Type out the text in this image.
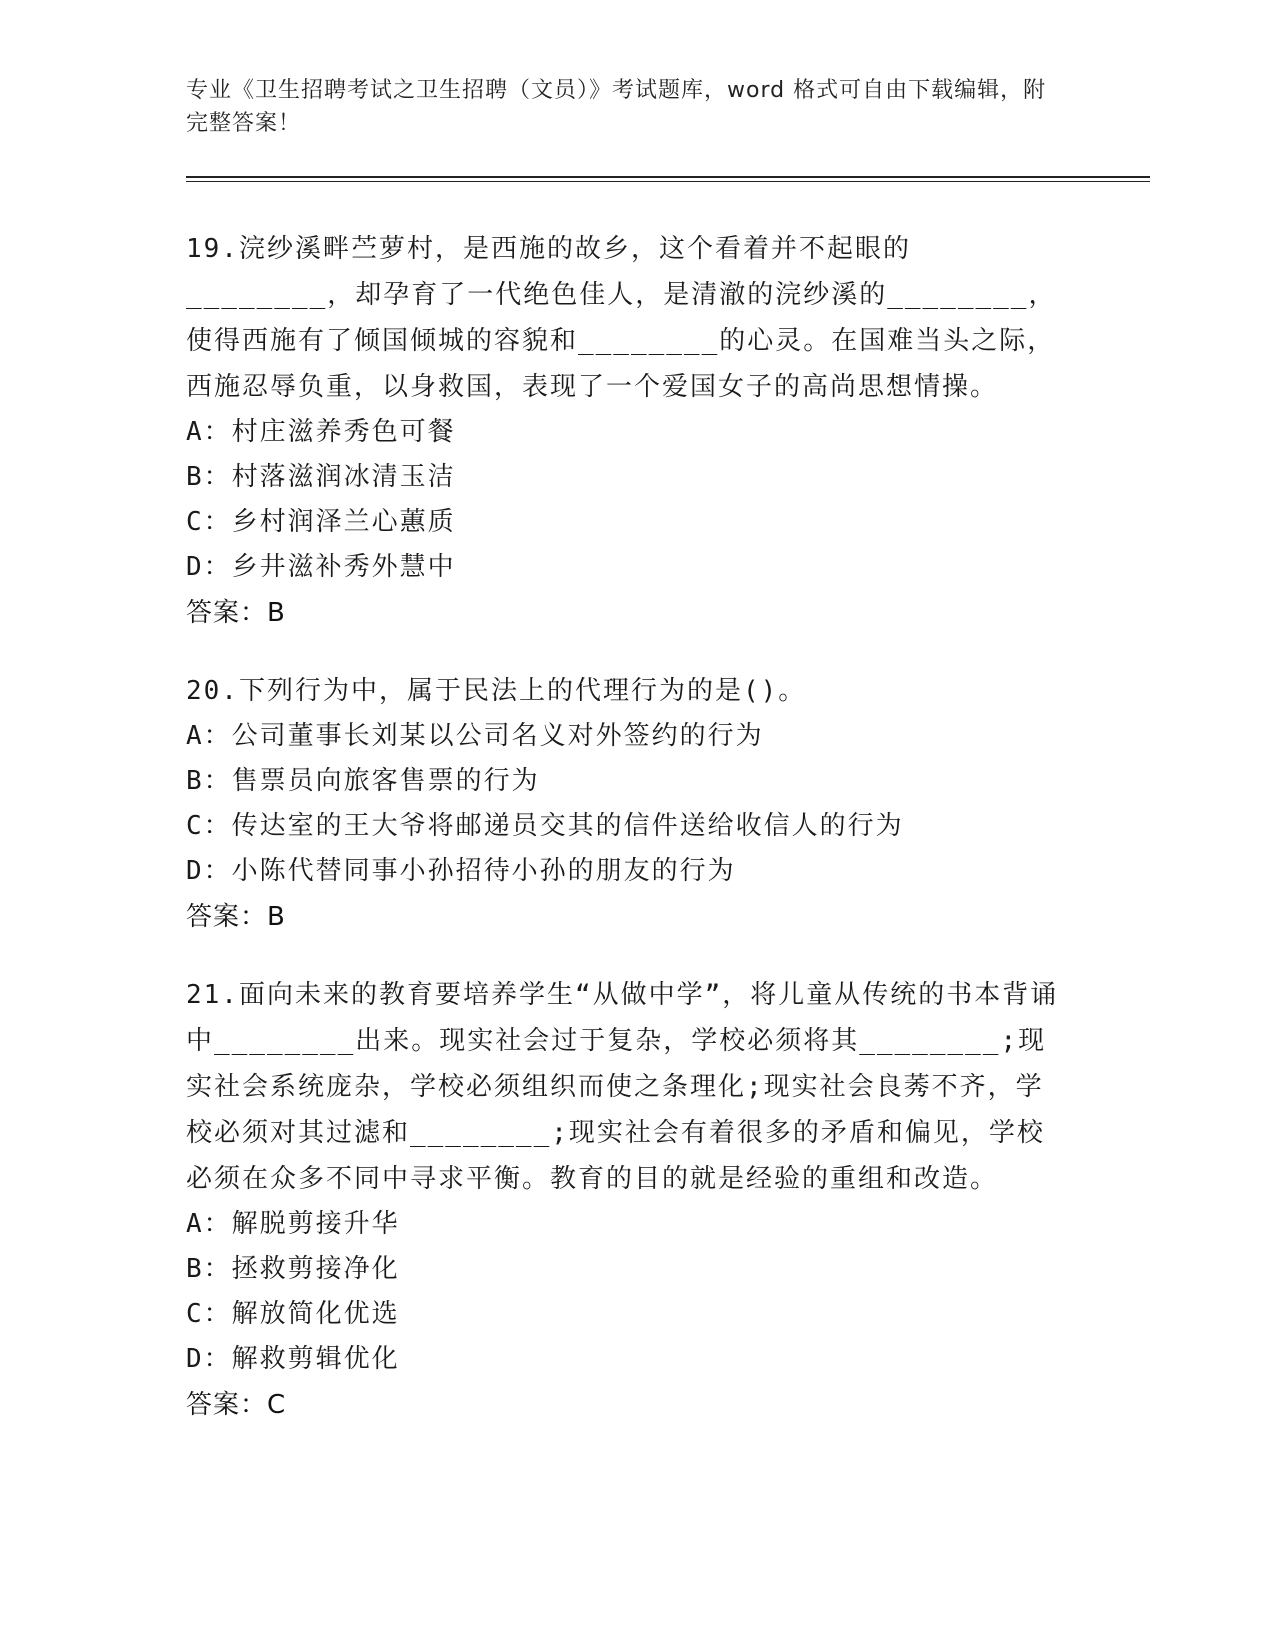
专业《卫生招聘考试之卫生招聘（文员）》考试题库，word 格式可自由下载编辑，附完整答案！

19.浣纱溪畔苎萝村，是西施的故乡，这个看着并不起眼的________，却孕育了一代绝色佳人，是清澈的浣纱溪的________，使得西施有了倾国倾城的容貌和________的心灵。在国难当头之际，西施忍辱负重，以身救国，表现了一个爱国女子的高尚思想情操。

A：村庄滋养秀色可餐

B：村落滋润冰清玉洁

C：乡村润泽兰心蕙质

D：乡井滋补秀外慧中

答案：B

20.下列行为中，属于民法上的代理行为的是()。

A：公司董事长刘某以公司名义对外签约的行为

B：售票员向旅客售票的行为

C：传达室的王大爷将邮递员交其的信件送给收信人的行为

D：小陈代替同事小孙招待小孙的朋友的行为

答案：B

21.面向未来的教育要培养学生“从做中学”，将儿童从传统的书本背诵中________出来。现实社会过于复杂，学校必须将其________;现实社会系统庞杂，学校必须组织而使之条理化;现实社会良莠不齐，学校必须对其过滤和________;现实社会有着很多的矛盾和偏见，学校必须在众多不同中寻求平衡。教育的目的就是经验的重组和改造。

A：解脱剪接升华

B：拯救剪接净化

C：解放简化优选

D：解救剪辑优化

答案：C
